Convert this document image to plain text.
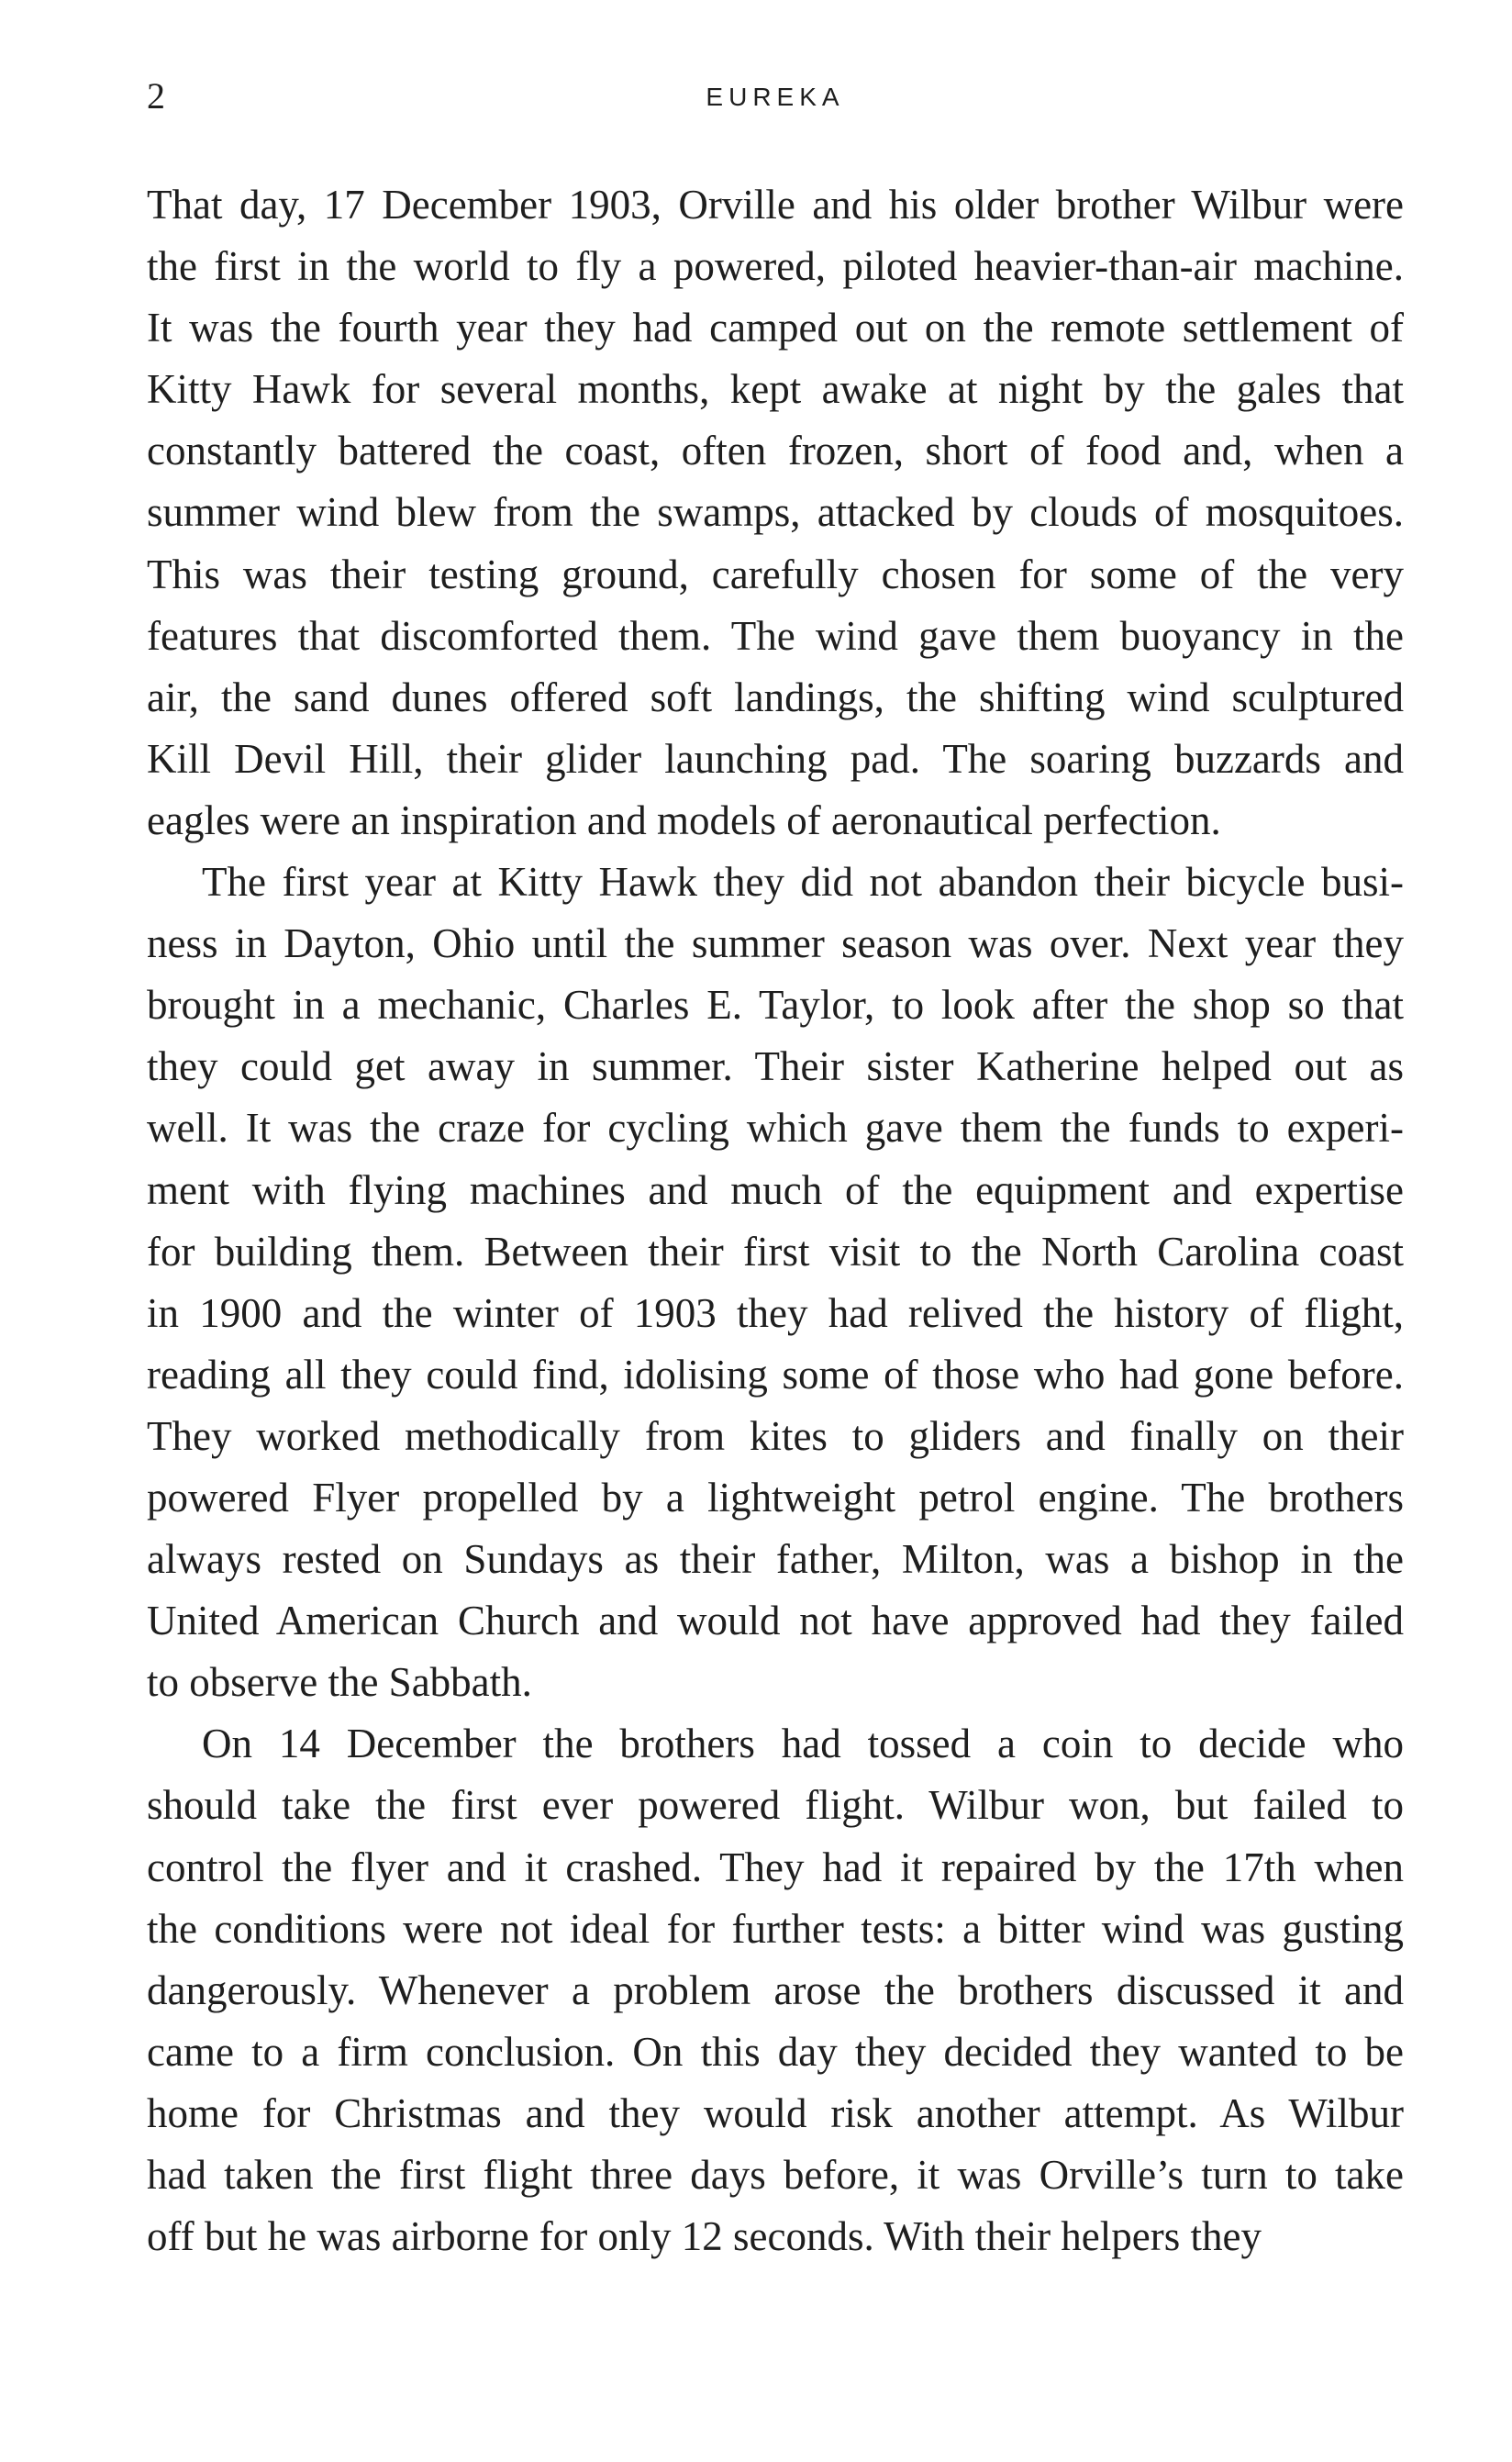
2	EUREKA

That day, 17 December 1903, Orville and his older brother Wilbur were
the first in the world to fly a powered, piloted heavier-than-air machine.
It was the fourth year they had camped out on the remote settlement of
Kitty Hawk for several months, kept awake at night by the gales that
constantly battered the coast, often frozen, short of food and, when a
summer wind blew from the swamps, attacked by clouds of mosquitoes.
This was their testing ground, carefully chosen for some of the very
features that discomforted them. The wind gave them buoyancy in the
air, the sand dunes offered soft landings, the shifting wind sculptured
Kill Devil Hill, their glider launching pad. The soaring buzzards and
eagles were an inspiration and models of aeronautical perfection.

The first year at Kitty Hawk they did not abandon their bicycle busi-
ness in Dayton, Ohio until the summer season was over. Next year they
brought in a mechanic, Charles E. Taylor, to look after the shop so that
they could get away in summer. Their sister Katherine helped out as
well. It was the craze for cycling which gave them the funds to experi-
ment with flying machines and much of the equipment and expertise
for building them. Between their first visit to the North Carolina coast
in 1900 and the winter of 1903 they had relived the history of flight,
reading all they could find, idolising some of those who had gone before.
They worked methodically from kites to gliders and finally on their
powered Flyer propelled by a lightweight petrol engine. The brothers
always rested on Sundays as their father, Milton, was a bishop in the
United American Church and would not have approved had they failed
to observe the Sabbath.

On 14 December the brothers had tossed a coin to decide who
should take the first ever powered flight. Wilbur won, but failed to
control the flyer and it crashed. They had it repaired by the 17th when
the conditions were not ideal for further tests: a bitter wind was gusting
dangerously. Whenever a problem arose the brothers discussed it and
came to a firm conclusion. On this day they decided they wanted to be
home for Christmas and they would risk another attempt. As Wilbur
had taken the first flight three days before, it was Orville’s turn to take
off but he was airborne for only 12 seconds. With their helpers they
